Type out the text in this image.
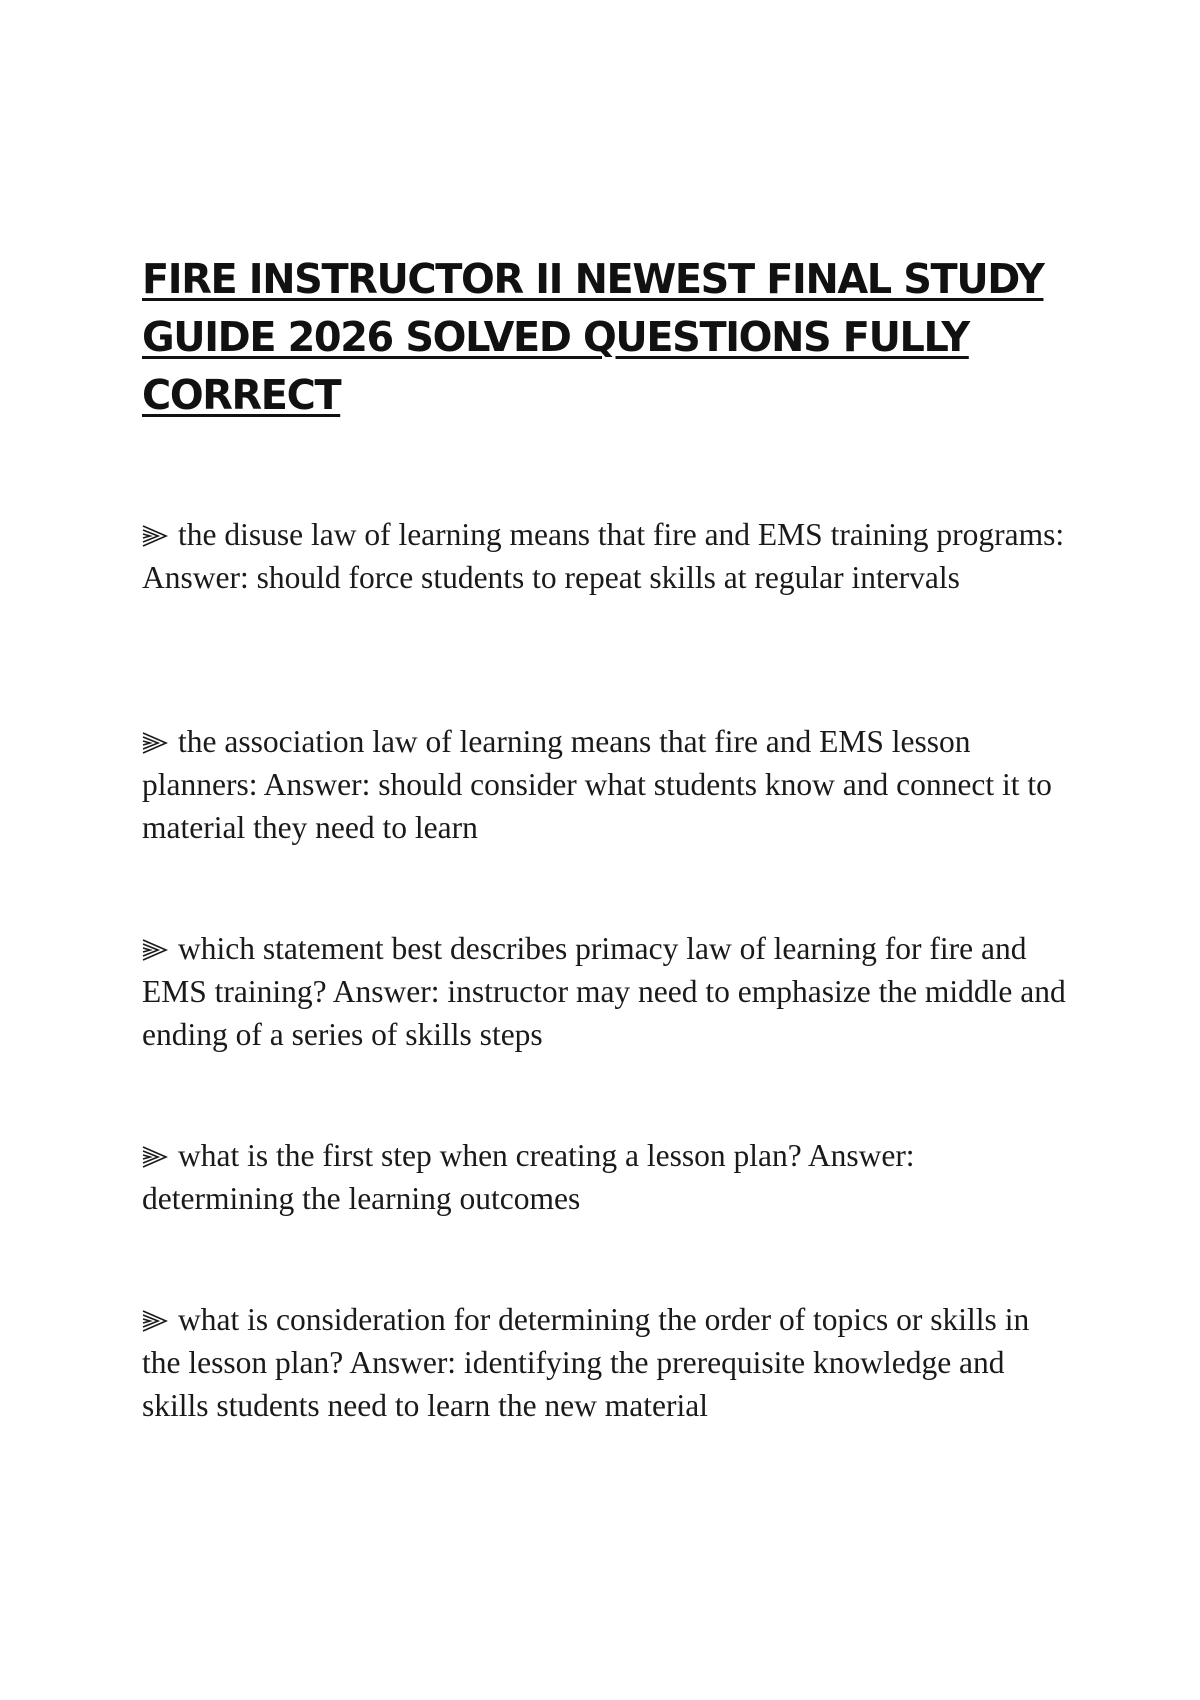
FIRE INSTRUCTOR II NEWEST FINAL STUDY GUIDE 2026 SOLVED QUESTIONS FULLY CORRECT

the disuse law of learning means that fire and EMS training programs: Answer: should force students to repeat skills at regular intervals

the association law of learning means that fire and EMS lesson planners: Answer: should consider what students know and connect it to material they need to learn

which statement best describes primacy law of learning for fire and EMS training? Answer: instructor may need to emphasize the middle and ending of a series of skills steps

what is the first step when creating a lesson plan? Answer: determining the learning outcomes

what is consideration for determining the order of topics or skills in the lesson plan? Answer: identifying the prerequisite knowledge and skills students need to learn the new material
